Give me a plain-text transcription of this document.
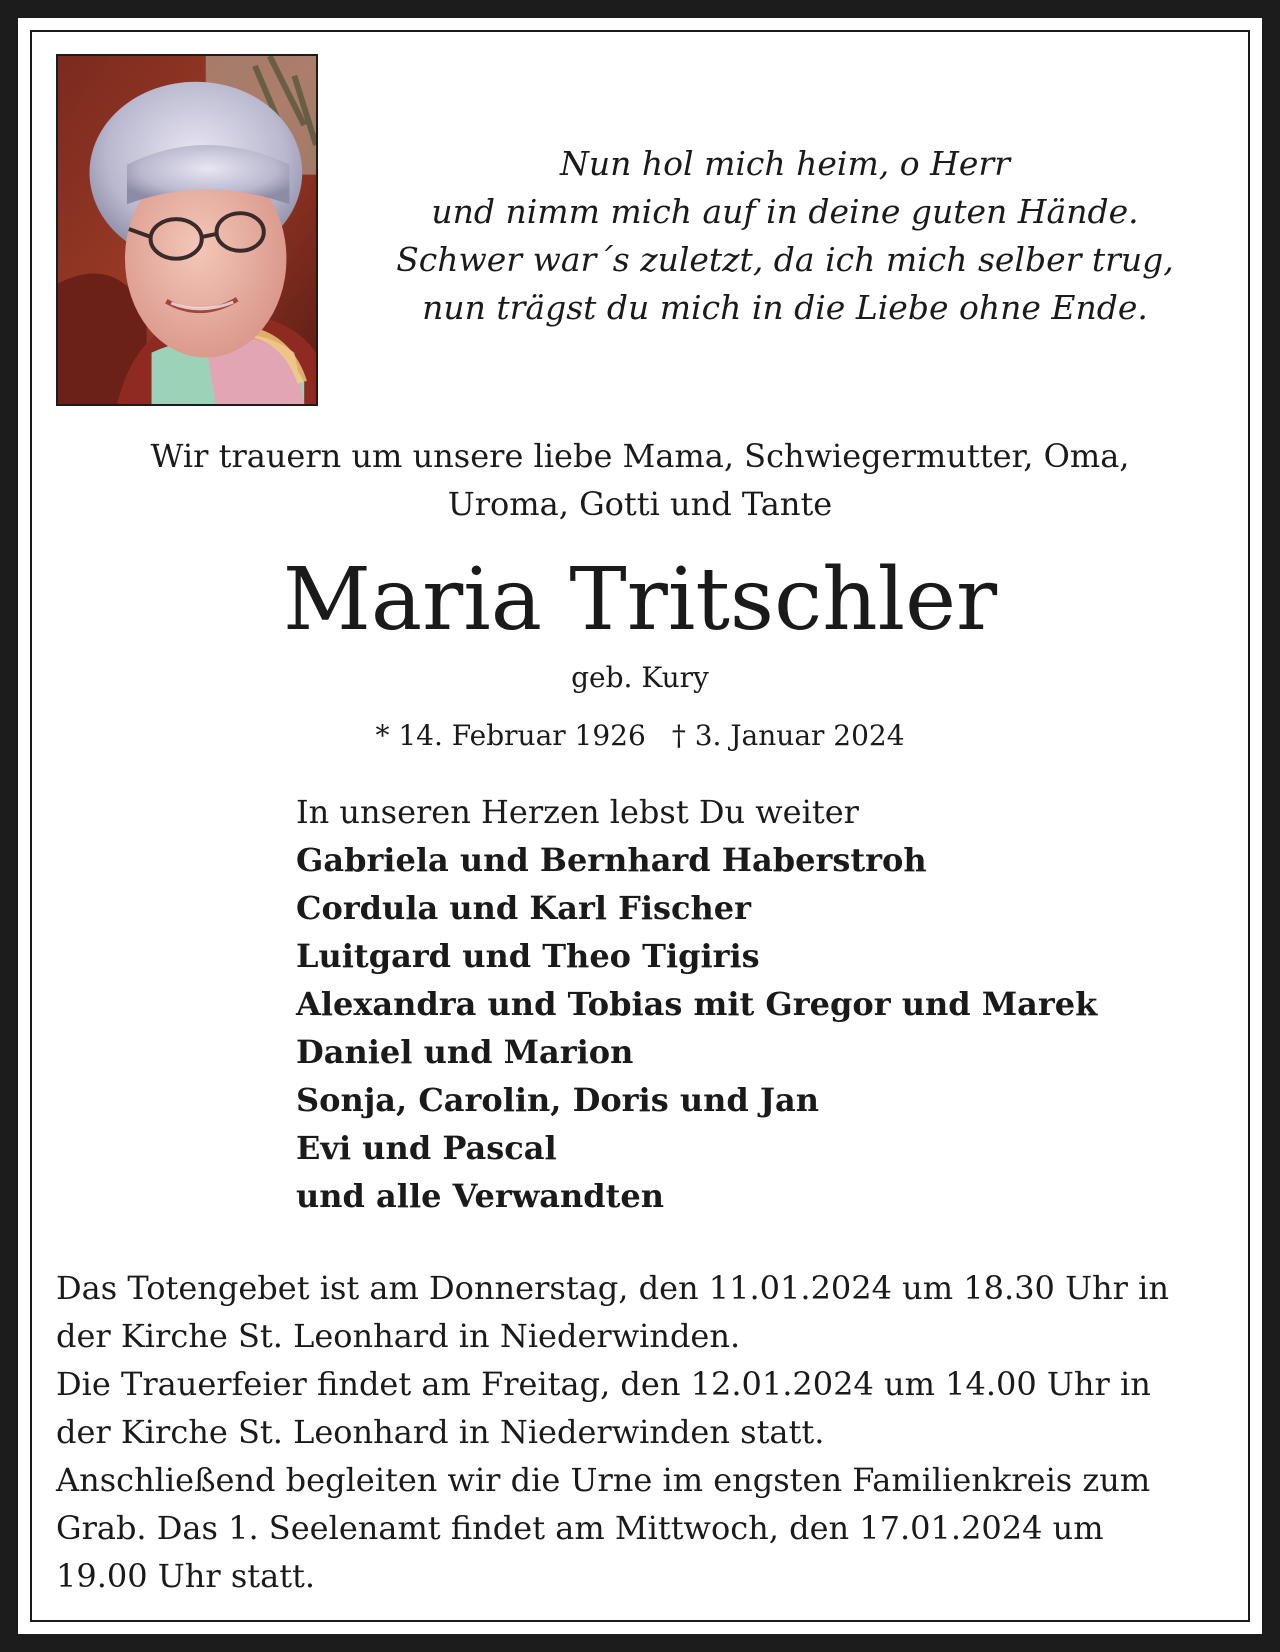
Nun hol mich heim, o Herr
und nimm mich auf in deine guten Hände.
Schwer war´s zuletzt, da ich mich selber trug,
nun trägst du mich in die Liebe ohne Ende.
Wir trauern um unsere liebe Mama, Schwiegermutter, Oma,
Uroma, Gotti und Tante
Maria Tritschler
geb. Kury
* 14. Februar 1926 † 3. Januar 2024
In unseren Herzen lebst Du weiter
Gabriela und Bernhard Haberstroh
Cordula und Karl Fischer
Luitgard und Theo Tigiris
Alexandra und Tobias mit Gregor und Marek
Daniel und Marion
Sonja, Carolin, Doris und Jan
Evi und Pascal
und alle Verwandten
Das Totengebet ist am Donnerstag, den 11.01.2024 um 18.30 Uhr in
der Kirche St. Leonhard in Niederwinden.
Die Trauerfeier findet am Freitag, den 12.01.2024 um 14.00 Uhr in
der Kirche St. Leonhard in Niederwinden statt.
Anschließend begleiten wir die Urne im engsten Familienkreis zum
Grab. Das 1. Seelenamt findet am Mittwoch, den 17.01.2024 um
19.00 Uhr statt.
